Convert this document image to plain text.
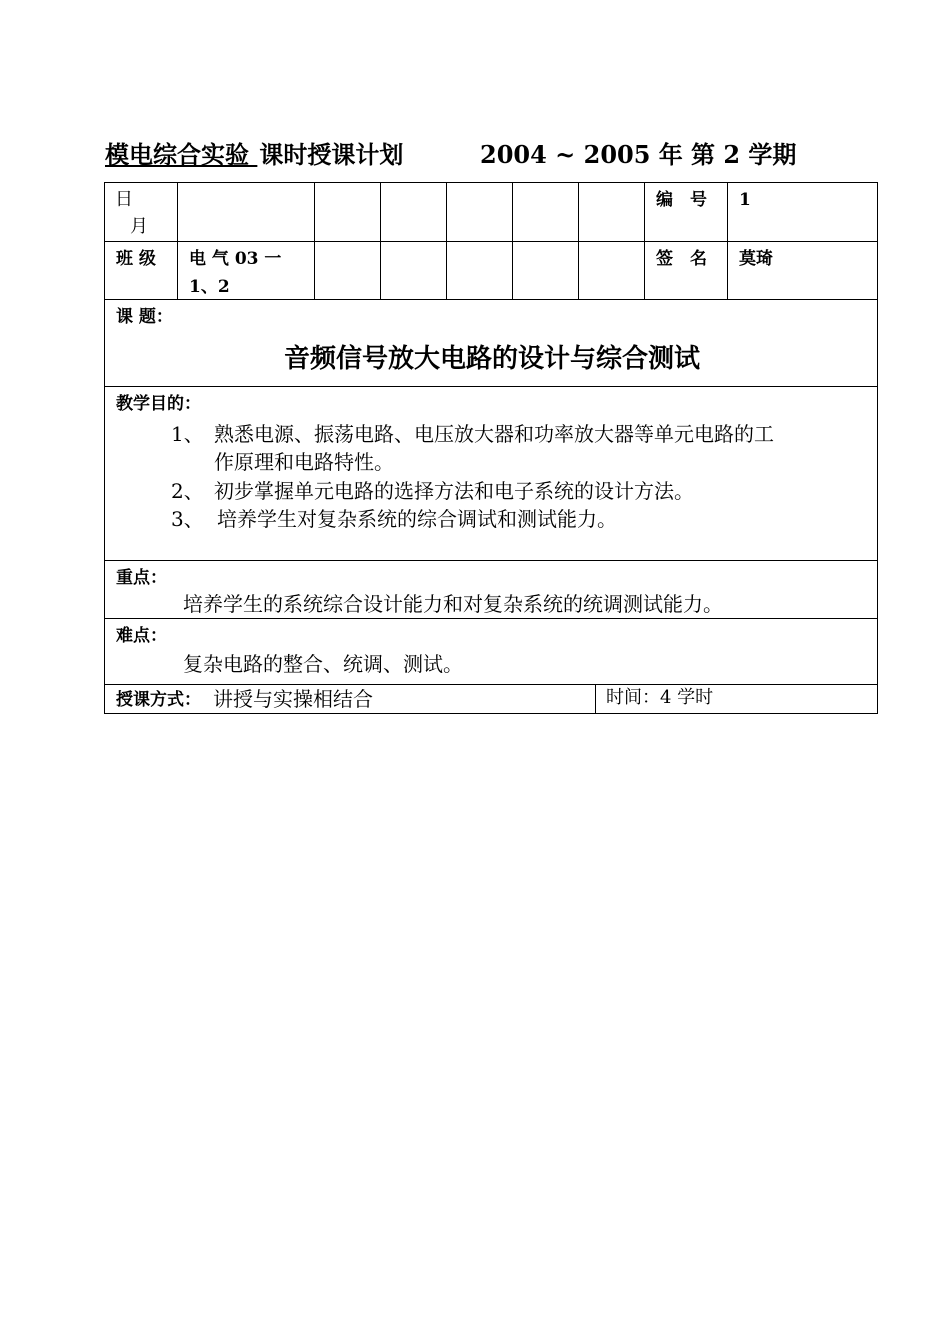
模电综合实验 课时授课计划	2004 ~ 2005 年 第 2 学期
日
月
编　号 1
班 级 电 气 03 一
1、2
签　名 莫琦
课 题：
音频信号放大电路的设计与综合测试
教学目的：
1、 熟悉电源、振荡电路、电压放大器和功率放大器等单元电路的工
作原理和电路特性。
2、 初步掌握单元电路的选择方法和电子系统的设计方法。
3、 培养学生对复杂系统的综合调试和测试能力。
重点：
培养学生的系统综合设计能力和对复杂系统的统调测试能力。
难点：
复杂电路的整合、统调、测试。
授课方式： 讲授与实操相结合	时间：4 学时
